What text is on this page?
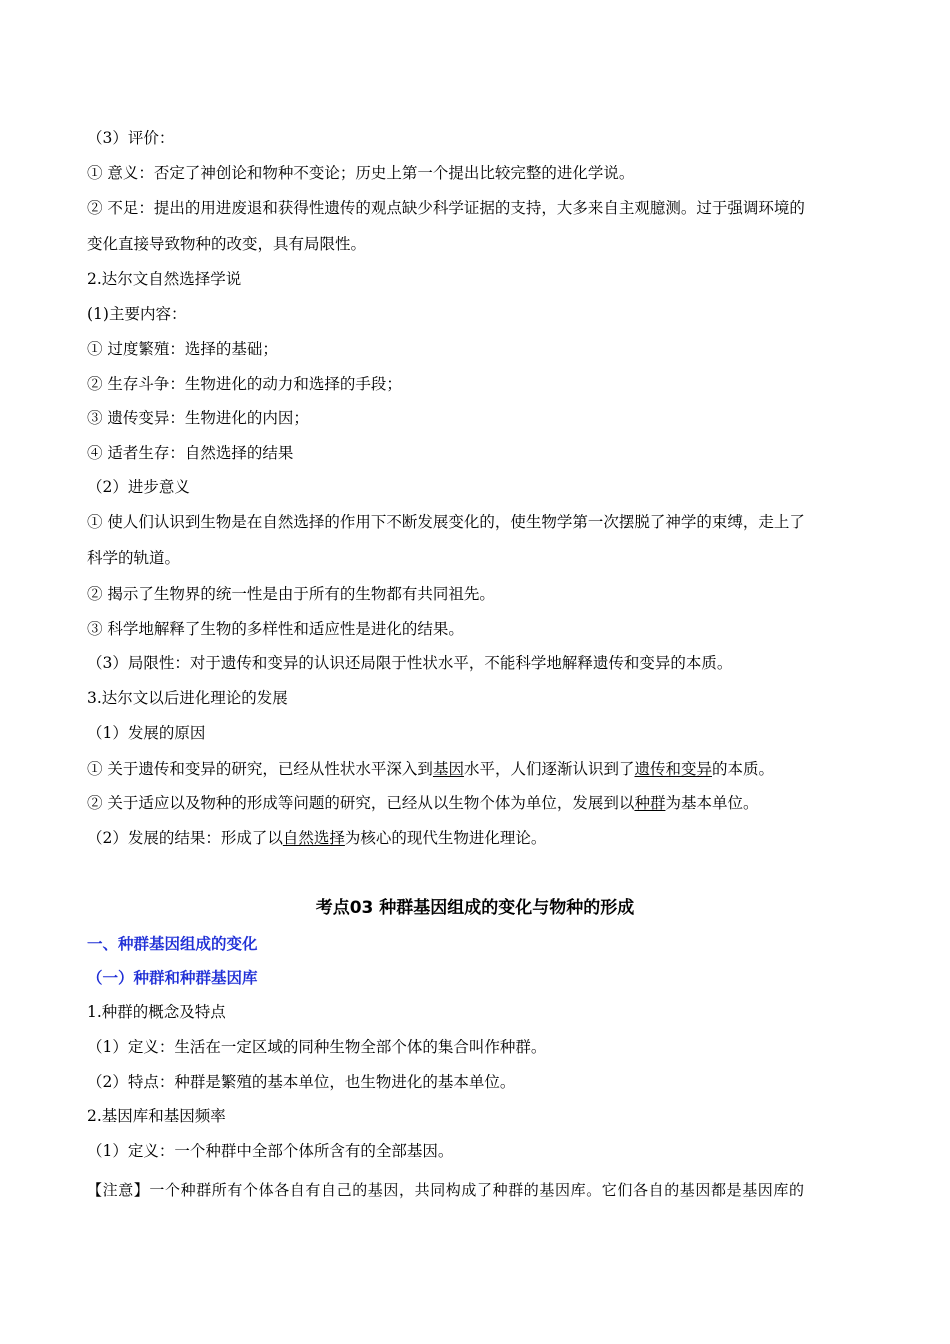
（3）评价：
① 意义：否定了神创论和物种不变论；历史上第一个提出比较完整的进化学说。
② 不足：提出的用进废退和获得性遗传的观点缺少科学证据的支持，大多来自主观臆测。过于强调环境的
变化直接导致物种的改变，具有局限性。
2.达尔文自然选择学说
(1)主要内容：
① 过度繁殖：选择的基础；
② 生存斗争：生物进化的动力和选择的手段；
③ 遗传变异：生物进化的内因；
④ 适者生存：自然选择的结果
（2）进步意义
① 使人们认识到生物是在自然选择的作用下不断发展变化的，使生物学第一次摆脱了神学的束缚，走上了
科学的轨道。
② 揭示了生物界的统一性是由于所有的生物都有共同祖先。
③ 科学地解释了生物的多样性和适应性是进化的结果。
（3）局限性：对于遗传和变异的认识还局限于性状水平，不能科学地解释遗传和变异的本质。
3.达尔文以后进化理论的发展
（1）发展的原因
① 关于遗传和变异的研究，已经从性状水平深入到基因水平，人们逐渐认识到了遗传和变异的本质。
② 关于适应以及物种的形成等问题的研究，已经从以生物个体为单位，发展到以种群为基本单位。
（2）发展的结果：形成了以自然选择为核心的现代生物进化理论。
考点03 种群基因组成的变化与物种的形成
一、种群基因组成的变化
（一）种群和种群基因库
1.种群的概念及特点
（1）定义：生活在一定区域的同种生物全部个体的集合叫作种群。
（2）特点：种群是繁殖的基本单位，也生物进化的基本单位。
2.基因库和基因频率
（1）定义：一个种群中全部个体所含有的全部基因。
【注意】一个种群所有个体各自有自己的基因，共同构成了种群的基因库。它们各自的基因都是基因库的
